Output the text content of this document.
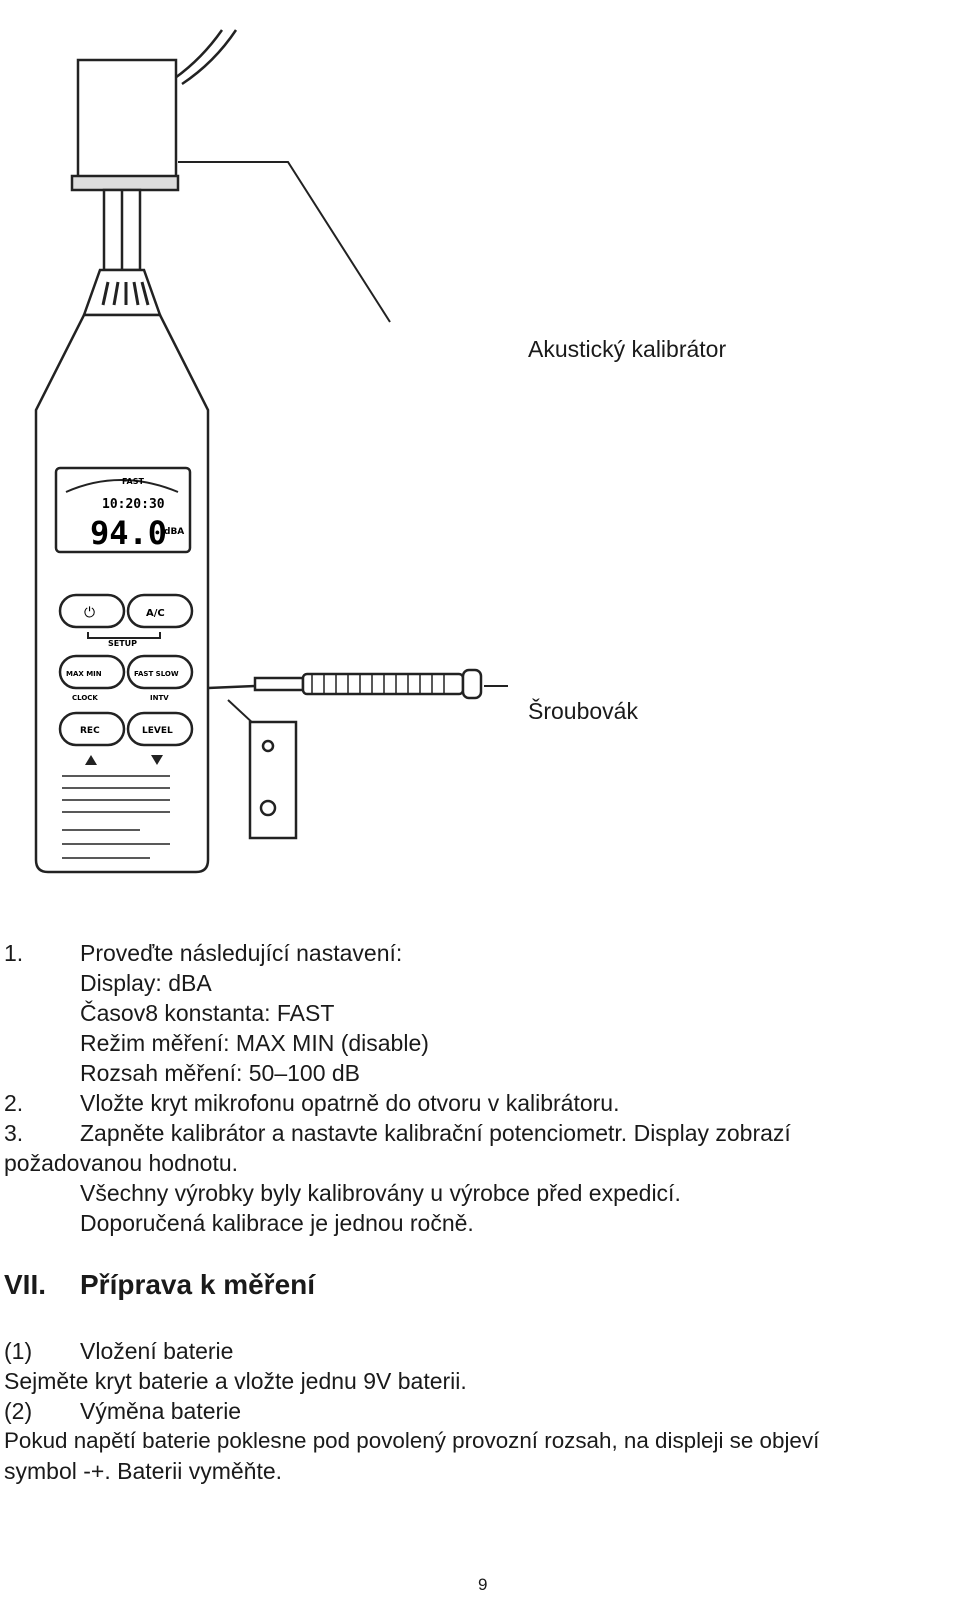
FAST
10:20:30
94.0
dBA
⏻	A/C
SETUP
MAX MIN	FAST SLOW
CLOCK	INTV
REC	LEVEL
Akustický kalibrátor
Šroubovák
1. Proveďte následující nastavení:
Display: dBA
Časov8 konstanta: FAST
Režim měření: MAX MIN (disable)
Rozsah měření: 50–100 dB
2. Vložte kryt mikrofonu opatrně do otvoru v kalibrátoru.
3. Zapněte kalibrátor a nastavte kalibrační potenciometr. Display zobrazí
požadovanou hodnotu.
Všechny výrobky byly kalibrovány u výrobce před expedicí.
Doporučená kalibrace je jednou ročně.
VII. Příprava k měření
(1) Vložení baterie
Sejměte kryt baterie a vložte jednu 9V baterii.
(2) Výměna baterie
Pokud napětí baterie poklesne pod povolený provozní rozsah, na displeji se objeví
symbol -+. Baterii vyměňte.
9
